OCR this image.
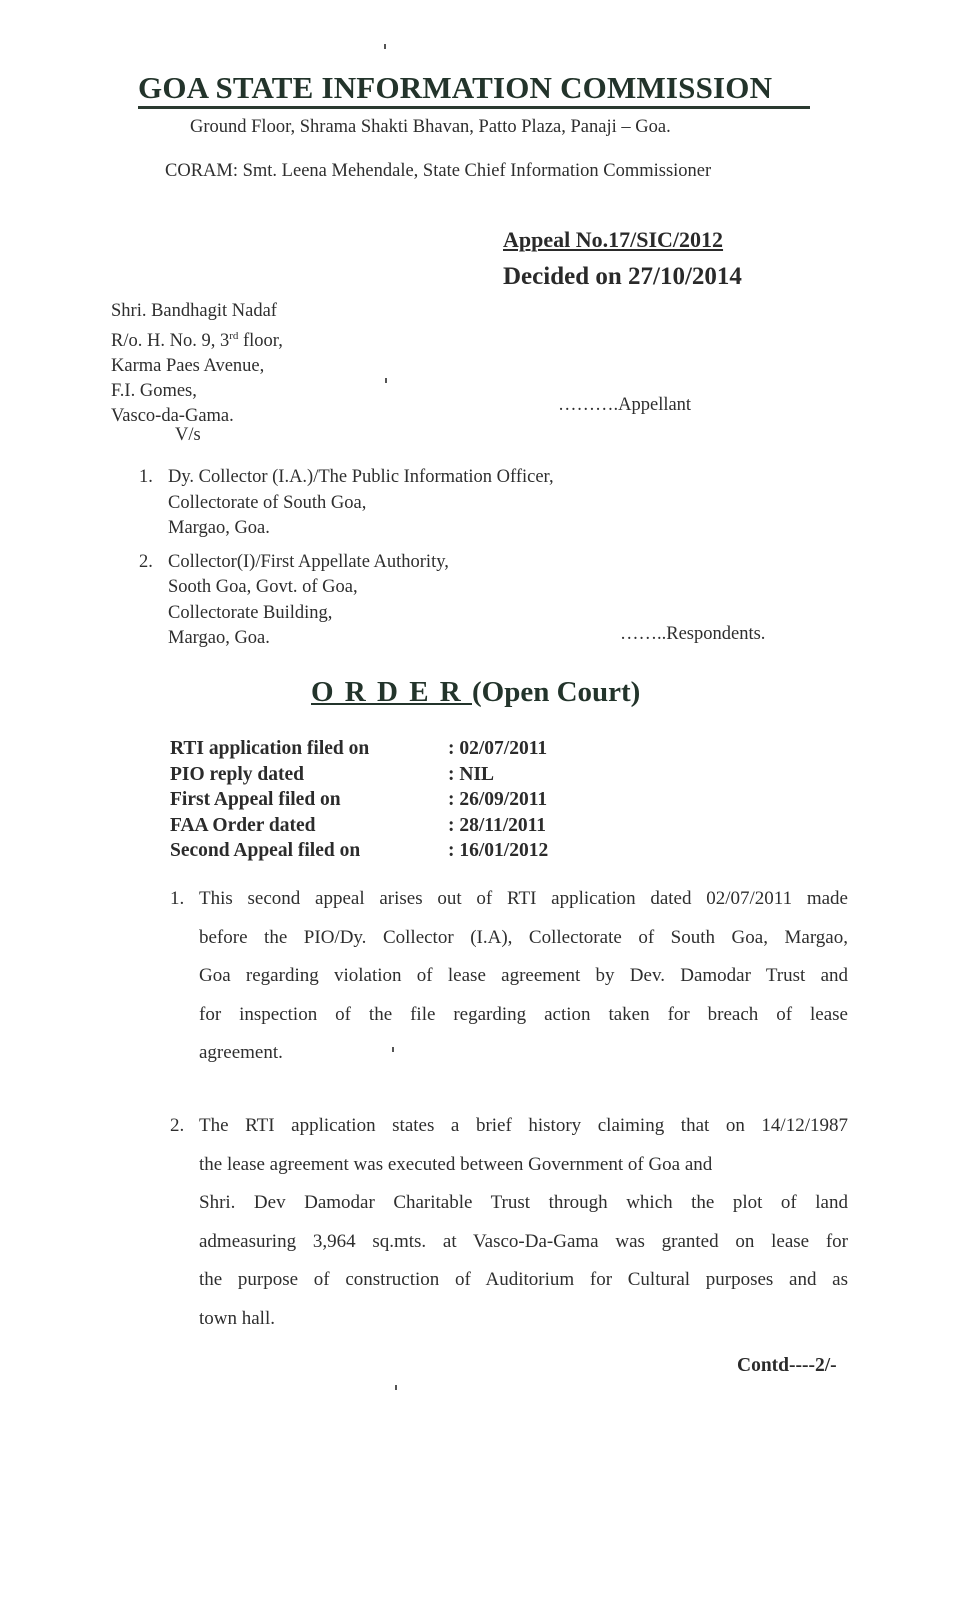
GOA STATE INFORMATION COMMISSION
Ground Floor, Shrama Shakti Bhavan, Patto Plaza, Panaji – Goa.
CORAM: Smt. Leena Mehendale, State Chief Information Commissioner
Appeal No.17/SIC/2012
Decided on 27/10/2014
Shri. Bandhagit Nadaf
R/o. H. No. 9, 3rd floor,
Karma Paes Avenue,
F.I. Gomes,
Vasco-da-Gama.
……….Appellant
V/s
1. Dy. Collector (I.A.)/The Public Information Officer,
Collectorate of South Goa,
Margao, Goa.
2. Collector(I)/First Appellate Authority,
Sooth Goa, Govt. of Goa,
Collectorate Building,
Margao, Goa.	……..Respondents.
O R D E R (Open Court)
RTI application filed on	: 02/07/2011
PIO reply dated	: NIL
First Appeal filed on	: 26/09/2011
FAA Order dated	: 28/11/2011
Second Appeal filed on	: 16/01/2012
1. This second appeal arises out of RTI application dated 02/07/2011 made
before the PIO/Dy. Collector (I.A), Collectorate of South Goa, Margao,
Goa regarding violation of lease agreement by Dev. Damodar Trust and
for inspection of the file regarding action taken for breach of lease
agreement.
2. The RTI application states a brief history claiming that on 14/12/1987
the lease agreement was executed between Government of Goa and
Shri. Dev Damodar Charitable Trust through which the plot of land
admeasuring 3,964 sq.mts. at Vasco-Da-Gama was granted on lease for
the purpose of construction of Auditorium for Cultural purposes and as
town hall.
Contd----2/-
